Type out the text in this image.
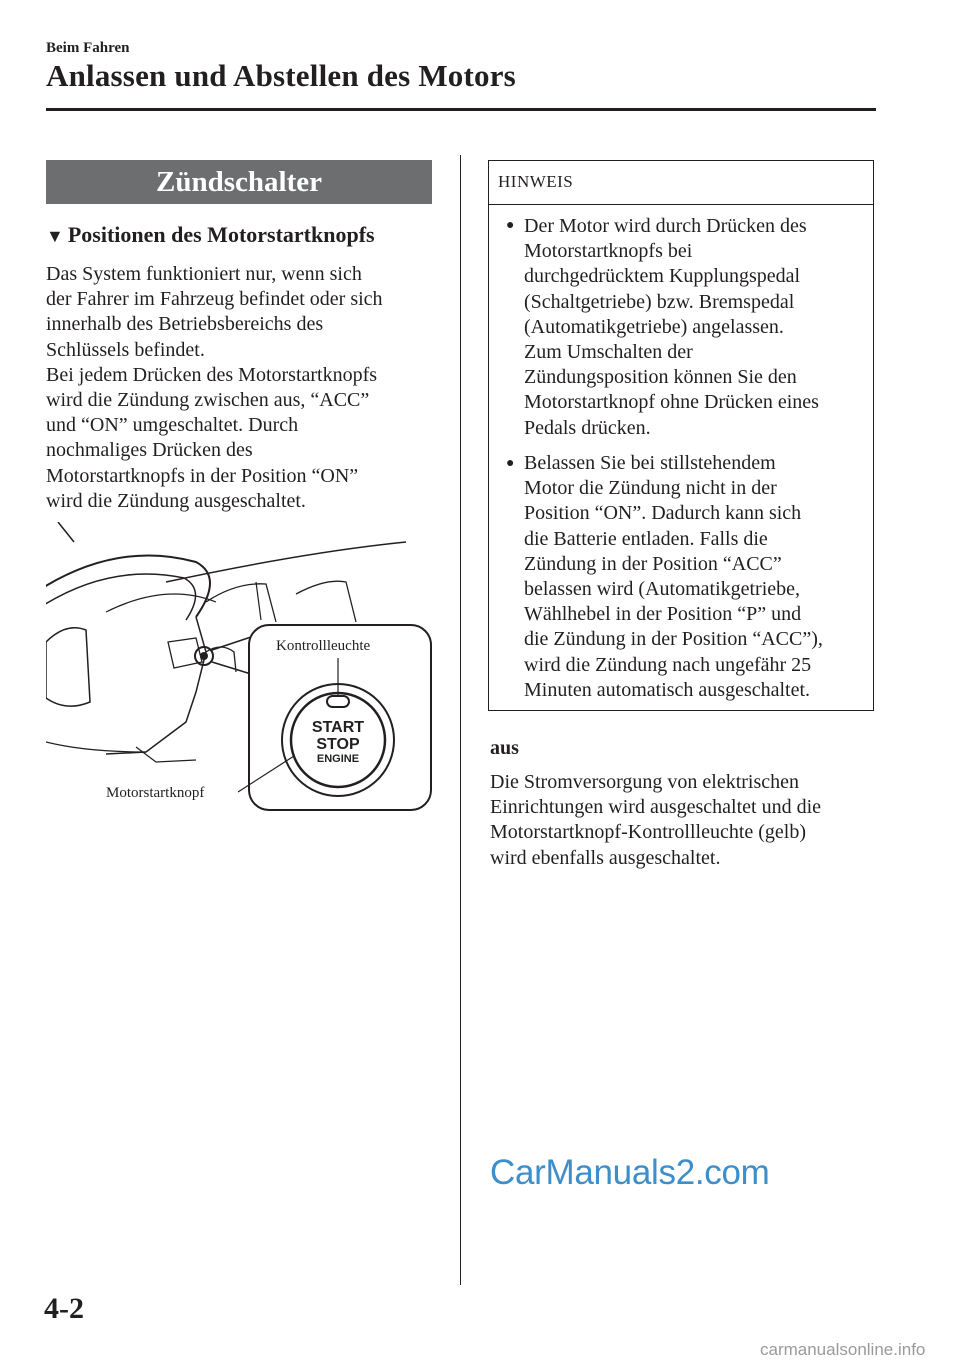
Beim Fahren
Anlassen und Abstellen des Motors
Zündschalter
▼ Positionen des Motorstartknopfs

Das System funktioniert nur, wenn sich
der Fahrer im Fahrzeug befindet oder sich
innerhalb des Betriebsbereichs des
Schlüssels befindet.
Bei jedem Drücken des Motorstartknopfs
wird die Zündung zwischen aus, “ACC”
und “ON” umgeschaltet. Durch
nochmaliges Drücken des
Motorstartknopfs in der Position “ON”
wird die Zündung ausgeschaltet.

START
STOP
ENGINE
Kontrollleuchte
Motorstartknopf
HINWEIS
● Der Motor wird durch Drücken des
Motorstartknopfs bei
durchgedrücktem Kupplungspedal
(Schaltgetriebe) bzw. Bremspedal
(Automatikgetriebe) angelassen.
Zum Umschalten der
Zündungsposition können Sie den
Motorstartknopf ohne Drücken eines
Pedals drücken.

● Belassen Sie bei stillstehendem
Motor die Zündung nicht in der
Position “ON”. Dadurch kann sich
die Batterie entladen. Falls die
Zündung in der Position “ACC”
belassen wird (Automatikgetriebe,
Wählhebel in der Position “P” und
die Zündung in der Position “ACC”),
wird die Zündung nach ungefähr 25
Minuten automatisch ausgeschaltet.

aus

Die Stromversorgung von elektrischen
Einrichtungen wird ausgeschaltet und die
Motorstartknopf-Kontrollleuchte (gelb)
wird ebenfalls ausgeschaltet.

CarManuals2.com
carmanualsonline.info
4-2
